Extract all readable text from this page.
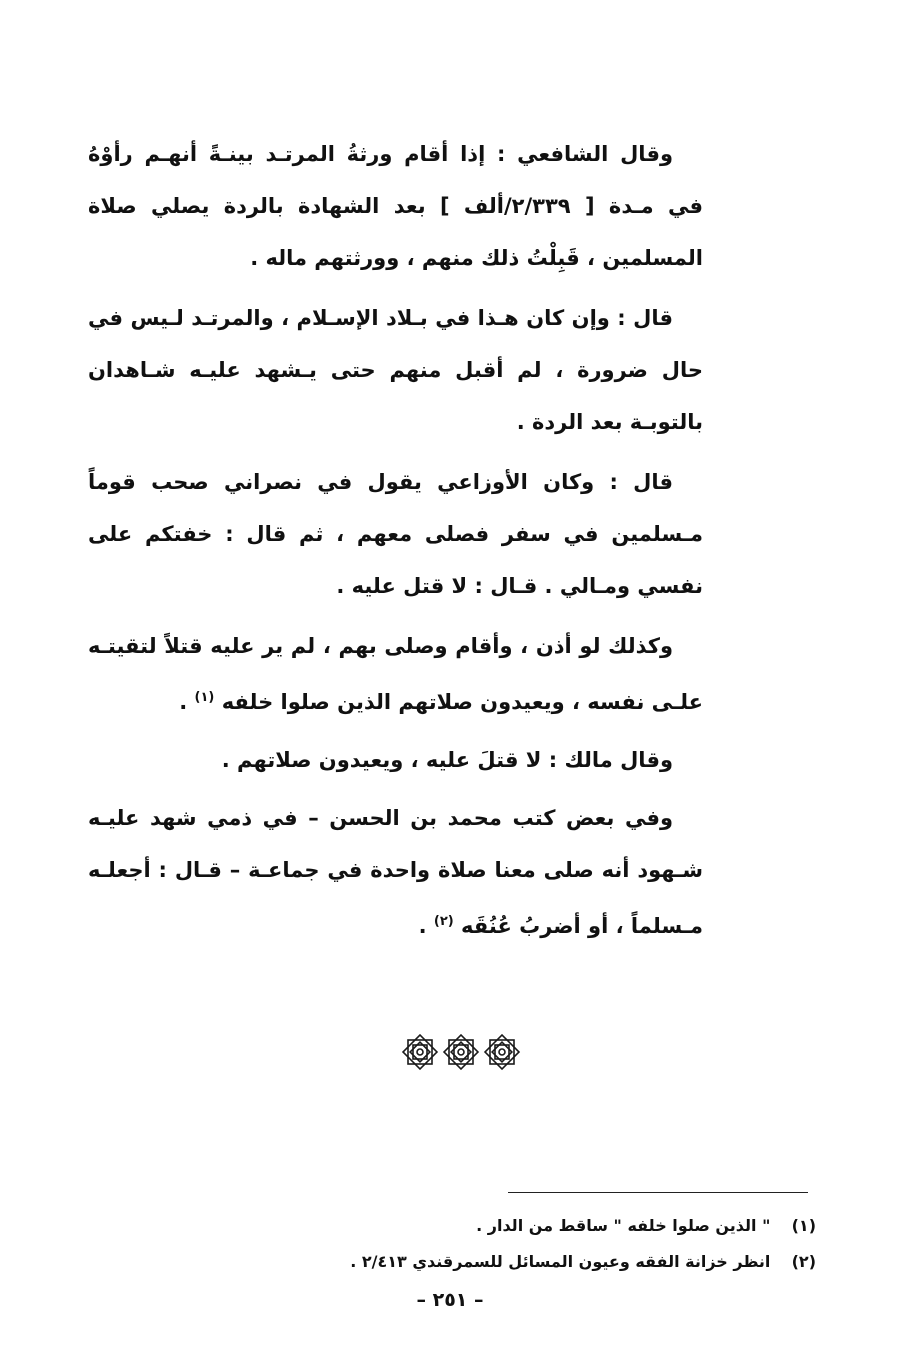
وقال الشافعي : إذا أقام ورثةُ المرتـد بينـةً أنهـم رأوْهُ في مـدة [ ٢/٣٣٩/ألف ] بعد الشهادة بالردة يصلي صلاة المسلمين ، قَبِلْتُ ذلك منهم ، وورثتهم ماله .

قال : وإن كان هـذا في بـلاد الإسـلام ، والمرتـد لـيس في حال ضرورة ، لم أقبل منهم حتى يـشهد عليـه شـاهدان بالتوبـة بعد الردة .

قال : وكان الأوزاعي يقول في نصراني صحب قوماً مـسلمين في سفر فصلى معهم ، ثم قال : خفتكم على نفسي ومـالي . قـال : لا قتل عليه .

وكذلك لو أذن ، وأقام وصلى بهم ، لم ير عليه قتلاً لتقيتـه علـى نفسه ، ويعيدون صلاتهم الذين صلوا خلفه $^{(١)}$ .

وقال مالك : لا قتلَ عليه ، ويعيدون صلاتهم .

وفي بعض كتب محمد بن الحسن – في ذمي شهد عليـه شـهود أنه صلى معنا صلاة واحدة في جماعـة – قـال : أجعلـه مـسلماً ، أو أضربُ عُنُقَه $^{(٢)}$ .

(١) " الذين صلوا خلفه " ساقط من الدار .
(٢) انظر خزانة الفقه وعيون المسائل للسمرقندي ٢/٤١٣ .
– ٢٥١ –
